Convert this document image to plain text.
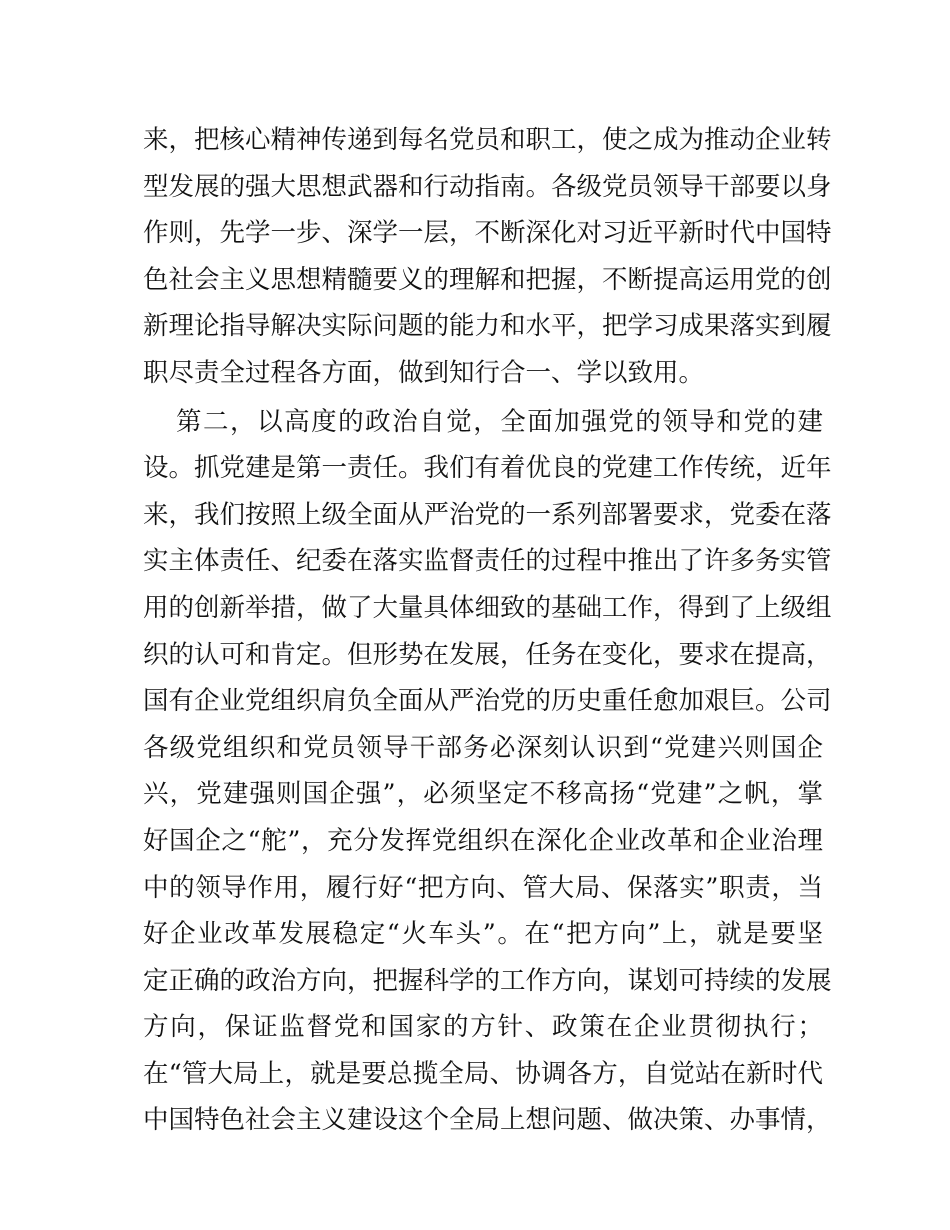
来，把核心精神传递到每名党员和职工，使之成为推动企业转
型发展的强大思想武器和行动指南。各级党员领导干部要以身
作则，先学一步、深学一层，不断深化对习近平新时代中国特
色社会主义思想精髓要义的理解和把握，不断提高运用党的创
新理论指导解决实际问题的能力和水平，把学习成果落实到履
职尽责全过程各方面，做到知行合一、学以致用。
第二，以高度的政治自觉，全面加强党的领导和党的建
设。抓党建是第一责任。我们有着优良的党建工作传统，近年
来，我们按照上级全面从严治党的一系列部署要求，党委在落
实主体责任、纪委在落实监督责任的过程中推出了许多务实管
用的创新举措，做了大量具体细致的基础工作，得到了上级组
织的认可和肯定。但形势在发展，任务在变化，要求在提高，
国有企业党组织肩负全面从严治党的历史重任愈加艰巨。公司
各级党组织和党员领导干部务必深刻认识到“党建兴则国企
兴，党建强则国企强”，必须坚定不移高扬“党建”之帆，掌
好国企之“舵”，充分发挥党组织在深化企业改革和企业治理
中的领导作用，履行好“把方向、管大局、保落实”职责，当
好企业改革发展稳定“火车头”。在“把方向”上，就是要坚
定正确的政治方向，把握科学的工作方向，谋划可持续的发展
方向，保证监督党和国家的方针、政策在企业贯彻执行；
在“管大局上，就是要总揽全局、协调各方，自觉站在新时代
中国特色社会主义建设这个全局上想问题、做决策、办事情，
